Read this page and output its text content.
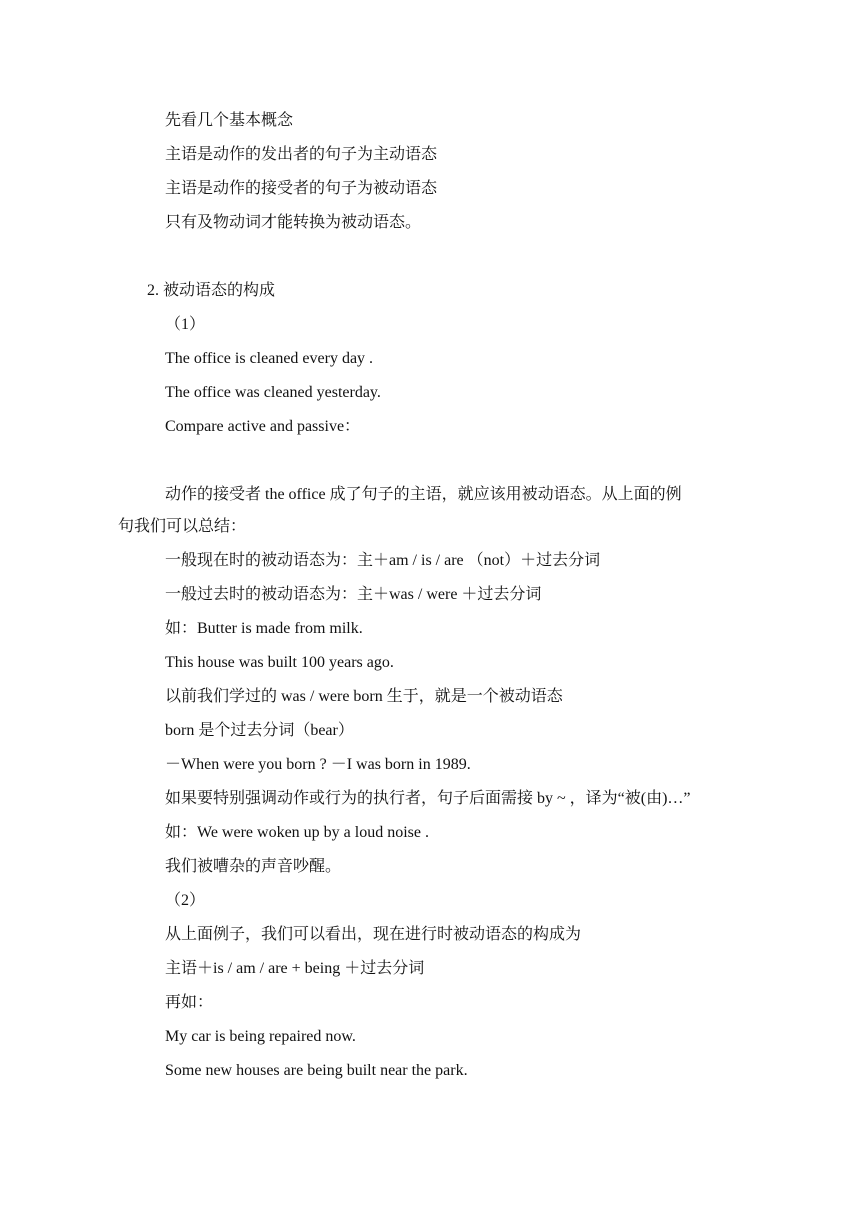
先看几个基本概念
主语是动作的发出者的句子为主动语态
主语是动作的接受者的句子为被动语态
只有及物动词才能转换为被动语态。
2. 被动语态的构成
（1）
The office is cleaned every day .
The office was cleaned yesterday.
Compare active and passive：
动作的接受者 the office 成了句子的主语，就应该用被动语态。从上面的例
句我们可以总结：
一般现在时的被动语态为：主＋am / is / are （not）＋过去分词
一般过去时的被动语态为：主＋was / were ＋过去分词
如：Butter is made from milk.
This house was built 100 years ago.
以前我们学过的 was / were born 生于，就是一个被动语态
born 是个过去分词（bear）
－When were you born ? －I was born in 1989.
如果要特别强调动作或行为的执行者，句子后面需接 by ~ ，译为“被(由)…”
如：We were woken up by a loud noise .
我们被嘈杂的声音吵醒。
（2）
从上面例子，我们可以看出，现在进行时被动语态的构成为
主语＋is / am / are + being ＋过去分词
再如：
My car is being repaired now.
Some new houses are being built near the park.
